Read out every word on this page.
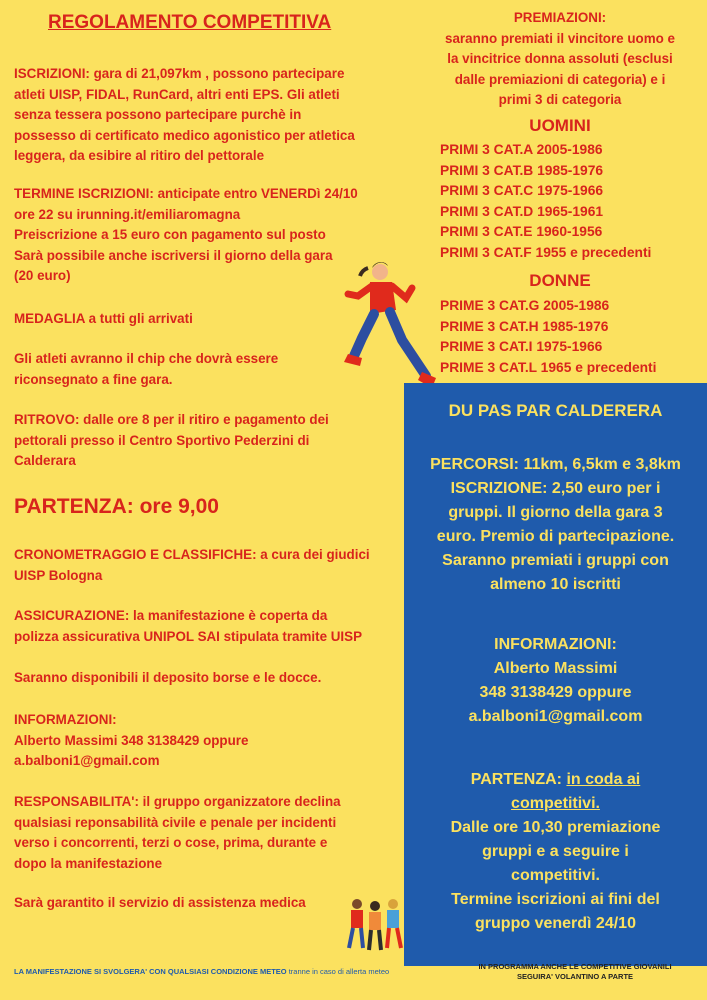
REGOLAMENTO COMPETITIVA

ISCRIZIONI: gara di 21,097km , possono partecipare

atleti UISP, FIDAL, RunCard, altri enti EPS. Gli atleti

senza tessera possono partecipare purchè in

possesso di certificato medico agonistico per atletica

leggera, da esibire al ritiro del pettorale

TERMINE ISCRIZIONI: anticipate entro VENERDì 24/10

ore 22 su irunning.it/emiliaromagna

Preiscrizione a 15 euro con pagamento sul posto

Sarà possibile anche iscriversi il giorno della gara

(20 euro)

MEDAGLIA a tutti gli arrivati

Gli atleti avranno il chip che dovrà essere

riconsegnato a fine gara.

RITROVO: dalle ore 8 per il ritiro e pagamento dei

pettorali presso il Centro Sportivo Pederzini di

Calderara

PARTENZA: ore 9,00

CRONOMETRAGGIO E CLASSIFICHE: a cura dei giudici

UISP Bologna

ASSICURAZIONE: la manifestazione è coperta da

polizza assicurativa UNIPOL SAI stipulata tramite UISP

Saranno disponibili il deposito borse e le docce.

INFORMAZIONI:

Alberto Massimi 348 3138429 oppure

a.balboni1@gmail.com

RESPONSABILITA': il gruppo organizzatore declina

qualsiasi reponsabilità civile e penale per incidenti

verso i concorrenti, terzi o cose, prima, durante e

dopo la manifestazione

Sarà garantito il servizio di assistenza medica
PREMIAZIONI:
saranno premiati il vincitore uomo e
la vincitrice donna assoluti (esclusi
dalle premiazioni di categoria) e i
primi 3 di categoria
UOMINI
PRIMI 3 CAT.A 2005-1986
PRIMI 3 CAT.B 1985-1976
PRIMI 3 CAT.C 1975-1966
PRIMI 3 CAT.D 1965-1961
PRIMI 3 CAT.E 1960-1956
PRIMI 3 CAT.F 1955 e precedenti
DONNE
PRIME 3 CAT.G 2005-1986
PRIME 3 CAT.H 1985-1976
PRIME 3 CAT.I 1975-1966
PRIME 3 CAT.L 1965 e precedenti
DU PAS PAR CALDERERA

PERCORSI: 11km, 6,5km e 3,8km

ISCRIZIONE: 2,50 euro per i

gruppi. Il giorno della gara 3

euro. Premio di partecipazione.

Saranno premiati i gruppi con

almeno 10 iscritti

INFORMAZIONI:

Alberto Massimi

348 3138429 oppure

a.balboni1@gmail.com

PARTENZA: in coda ai

competitivi.

Dalle ore 10,30 premiazione

gruppi e a seguire i

competitivi.

Termine iscrizioni ai fini del

gruppo venerdì 24/10

LA MANIFESTAZIONE SI SVOLGERA' CON QUALSIASI CONDIZIONE METEO tranne in caso di allerta meteo
IN PROGRAMMA ANCHE LE COMPETITIVE GIOVANILI
SEGUIRA' VOLANTINO A PARTE
